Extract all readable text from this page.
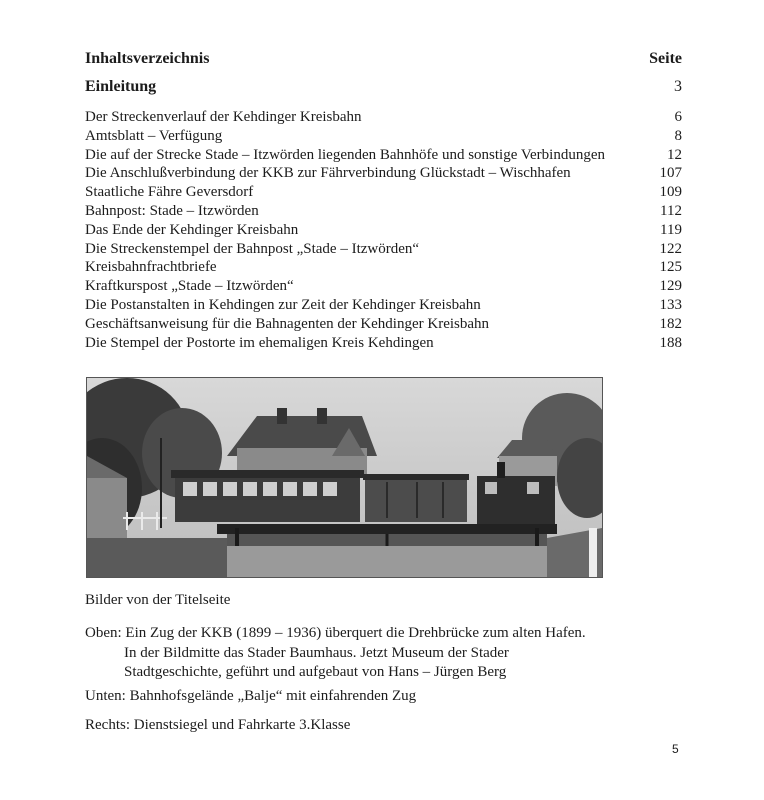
Inhaltsverzeichnis	Seite
Einleitung	3
Der Streckenverlauf der Kehdinger Kreisbahn	6
Amtsblatt – Verfügung	8
Die auf der Strecke Stade – Itzwörden liegenden Bahnhöfe und sonstige Verbindungen	12
Die Anschlußverbindung der KKB zur Fährverbindung Glückstadt – Wischhafen	107
Staatliche Fähre Geversdorf	109
Bahnpost: Stade – Itzwörden	112
Das Ende der Kehdinger Kreisbahn	119
Die Streckenstempel der Bahnpost „Stade – Itzwörden“	122
Kreisbahnfrachtbriefe	125
Kraftkurspost „Stade – Itzwörden“	129
Die Postanstalten in Kehdingen zur Zeit der Kehdinger Kreisbahn	133
Geschäftsanweisung für die Bahnagenten der Kehdinger Kreisbahn	182
Die Stempel der Postorte im ehemaligen Kreis Kehdingen	188
Bilder von der Titelseite
Oben: Ein Zug der KKB (1899 – 1936) überquert die Drehbrücke zum alten Hafen.
In der Bildmitte das Stader Baumhaus. Jetzt Museum der Stader
Stadtgeschichte, geführt und aufgebaut von Hans – Jürgen Berg
Unten: Bahnhofsgelände „Balje“ mit einfahrenden Zug
Rechts: Dienstsiegel und Fahrkarte 3.Klasse
5
